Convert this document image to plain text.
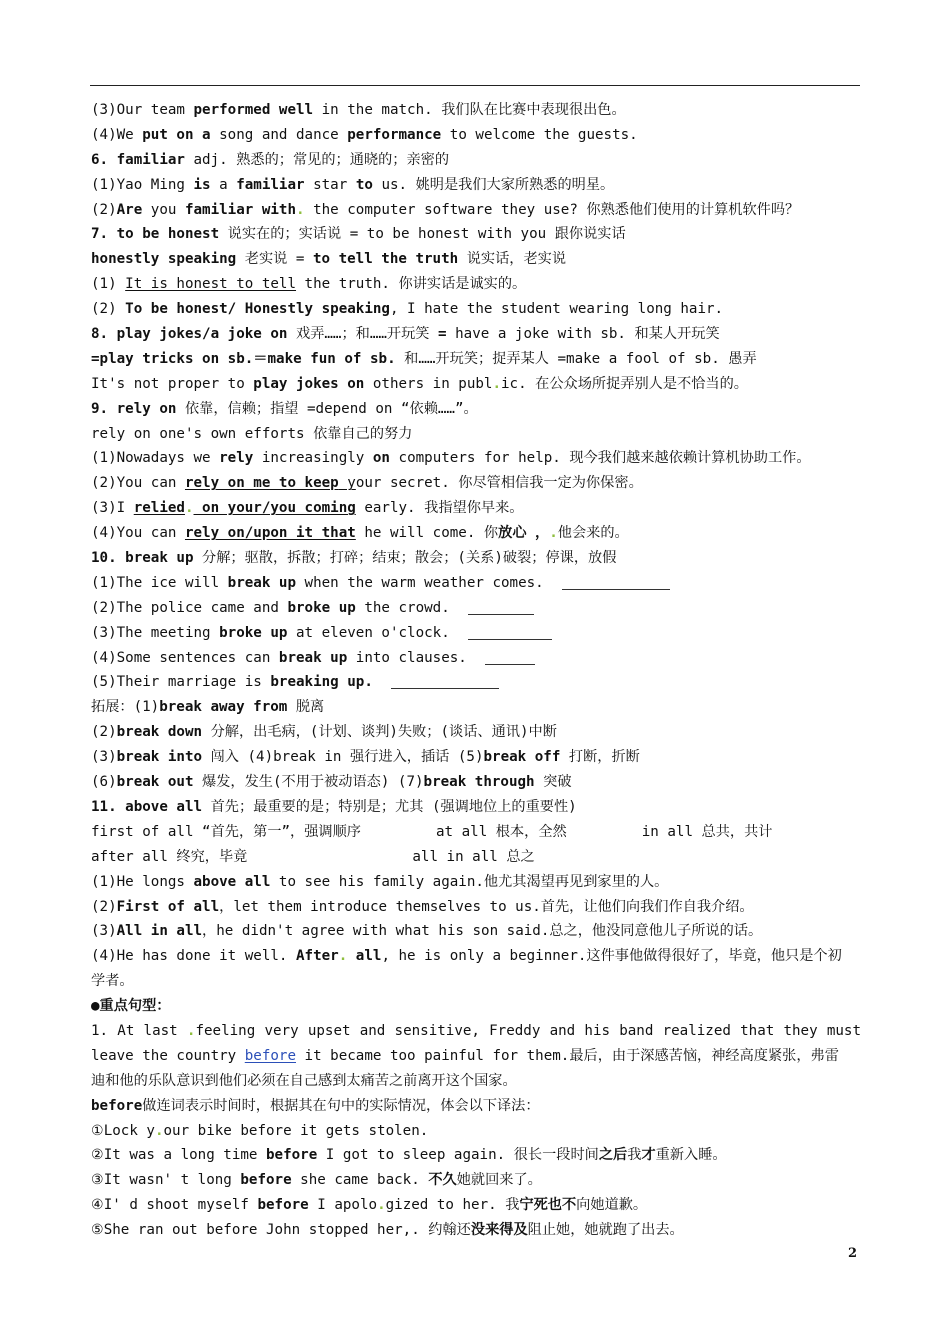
(3)Our team performed well in the match. 我们队在比赛中表现很出色。
(4)We put on a song and dance performance to welcome the guests.
6. familiar adj. 熟悉的；常见的；通晓的；亲密的
(1)Yao Ming is a familiar star to us. 姚明是我们大家所熟悉的明星。
(2)Are you familiar with. the computer software they use? 你熟悉他们使用的计算机软件吗？
7. to be honest 说实在的；实话说 = to be honest with you 跟你说实话
honestly speaking 老实说 = to tell the truth 说实话，老实说
(1) It is honest to tell the truth. 你讲实话是诚实的。
(2) To be honest/ Honestly speaking, I hate the student wearing long hair.
8. play jokes/a joke on 戏弄……；和……开玩笑 = have a joke with sb. 和某人开玩笑
=play tricks on sb.＝make fun of sb. 和……开玩笑；捉弄某人 =make a fool of sb. 愚弄
It's not proper to play jokes on others in publ.ic. 在公众场所捉弄别人是不恰当的。
9. rely on 依靠，信赖；指望 =depend on “依赖……”。
rely on one's own efforts 依靠自己的努力
(1)Nowadays we rely increasingly on computers for help. 现今我们越来越依赖计算机协助工作。
(2)You can rely on me to keep your secret. 你尽管相信我一定为你保密。
(3)I relied. on your/you coming early. 我指望你早来。
(4)You can rely on/upon it that he will come. 你放心 ，.他会来的。
10. break up 分解；驱散，拆散；打碎；结束；散会；(关系)破裂；停课，放假
(1)The ice will break up when the warm weather comes.
(2)The police came and broke up the crowd.
(3)The meeting broke up at eleven o'clock.
(4)Some sentences can break up into clauses.
(5)Their marriage is breaking up.
拓展：(1)break away from 脱离
(2)break down 分解，出毛病，(计划、谈判)失败；(谈话、通讯)中断
(3)break into 闯入 (4)break in 强行进入，插话 (5)break off 打断，折断
(6)break out 爆发，发生(不用于被动语态) (7)break through 突破
11. above all 首先；最重要的是；特别是；尤其 (强调地位上的重要性)
first of all “首先，第一”，强调顺序	at all 根本，全然	in all 总共，共计
after all 终究，毕竟	all in all 总之
(1)He longs above all to see his family again.他尤其渴望再见到家里的人。
(2)First of all，let them introduce themselves to us.首先，让他们向我们作自我介绍。
(3)All in all，he didn't agree with what his son said.总之，他没同意他儿子所说的话。
(4)He has done it well. After. all, he is only a beginner.这件事他做得很好了，毕竟，他只是个初
学者。
●重点句型：
1. At last .feeling very upset and sensitive, Freddy and his band realized that they must
leave the country before it became too painful for them.最后，由于深感苦恼，神经高度紧张，弗雷
迪和他的乐队意识到他们必须在自己感到太痛苦之前离开这个国家。
before做连词表示时间时，根据其在句中的实际情况，体会以下译法：
①Lock y.our bike before it gets stolen.
②It was a long time before I got to sleep again. 很长一段时间之后我才重新入睡。
③It wasn' t long before she came back. 不久她就回来了。
④I' d shoot myself before I apolo.gized to her. 我宁死也不向她道歉。
⑤She ran out before John stopped her,. 约翰还没来得及阻止她，她就跑了出去。
2
